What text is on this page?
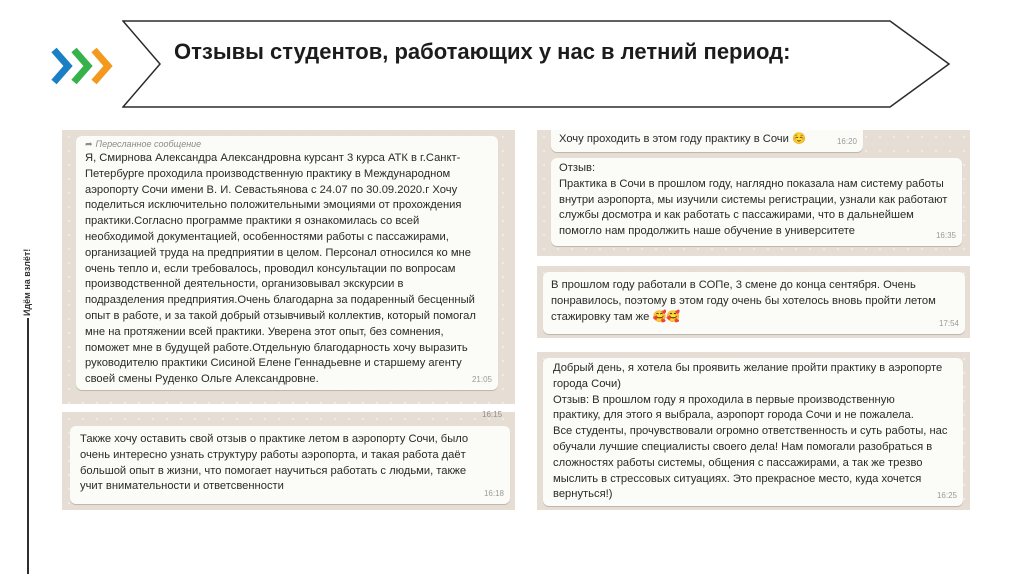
Отзывы студентов, работающих у нас в летний период:
Идём на взлёт!
➦ Пересланное сообщение
Я, Смирнова Александра Александровна курсант 3 курса АТК в г.Санкт-
Петербурге проходила производственную практику в Международном
аэропорту Сочи имени В. И. Севастьянова с 24.07 по 30.09.2020.г Хочу
поделиться исключительно положительными эмоциями от прохождения
практики.Согласно программе практики я ознакомилась со всей
необходимой документацией, особенностями работы с пассажирами,
организацией труда на предприятии в целом. Персонал относился ко мне
очень тепло и, если требовалось, проводил консультации по вопросам
производственной деятельности, организовывал экскурсии в
подразделения предприятия.Очень благодарна за подаренный бесценный
опыт в работе, и за такой добрый отзывчивый коллектив, который помогал
мне на протяжении всей практики. Уверена этот опыт, без сомнения,
поможет мне в будущей работе.Отдельную благодарность хочу выразить
руководителю практики Сисиной Елене Геннадьевне и старшему агенту
своей смены Руденко Ольге Александровне.	21:05
16:15
Также хочу оставить свой отзыв о практике летом в аэропорту Сочи, было
очень интересно узнать структуру работы аэропорта, и такая работа даёт
большой опыт в жизни, что помогает научиться работать с людьми, также
учит внимательности и ответсвенности
16:18
Хочу проходить в этом году практику в Сочи ☺️	16:20
Отзыв:
Практика в Сочи в прошлом году, наглядно показала нам систему работы
внутри аэропорта, мы изучили системы регистрации, узнали как работают
службы досмотра и как работать с пассажирами, что в дальнейшем
помогло нам продолжить наше обучение в университете	16:35
В прошлом году работали в СОПе, 3 смене до конца сентября. Очень
понравилось, поэтому в этом году очень бы хотелось вновь пройти летом
стажировку там же 🥰🥰
17:54
Добрый день, я хотела бы проявить желание пройти практику в аэропорте
города Сочи)
Отзыв: В прошлом году я проходила в первые производственную
практику, для этого я выбрала, аэропорт города Сочи и не пожалела.
Все студенты, прочувствовали огромно ответственность и суть работы, нас
обучали лучшие специалисты своего дела! Нам помогали разобраться в
сложностях работы системы, общения с пассажирами, а так же трезво
мыслить в стрессовых ситуациях. Это прекрасное место, куда хочется
вернуться!)	16:25
